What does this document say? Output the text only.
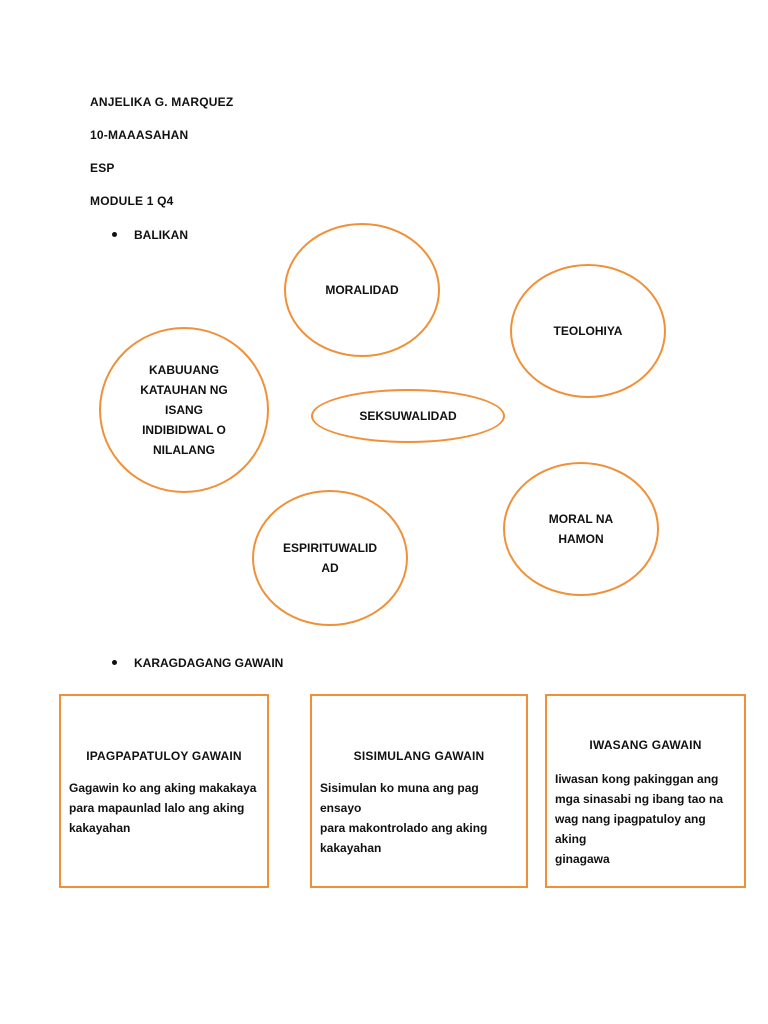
ANJELIKA G. MARQUEZ
10-MAAASAHAN
ESP
MODULE 1 Q4
BALIKAN
MORALIDAD
TEOLOHIYA
KABUUANG
KATAUHAN NG
ISANG
INDIBIDWAL O
NILALANG
SEKSUWALIDAD
MORAL NA
HAMON
ESPIRITUWALID
AD
KARAGDAGANG GAWAIN
IPAGPAPATULOY GAWAIN
Gagawin ko ang aking makakaya
para mapaunlad lalo ang aking
kakayahan
SISIMULANG GAWAIN
Sisimulan ko muna ang pag ensayo
para makontrolado ang aking
kakayahan
IWASANG GAWAIN
Iiwasan kong pakinggan ang
mga sinasabi ng ibang tao na
wag nang ipagpatuloy ang aking
ginagawa
